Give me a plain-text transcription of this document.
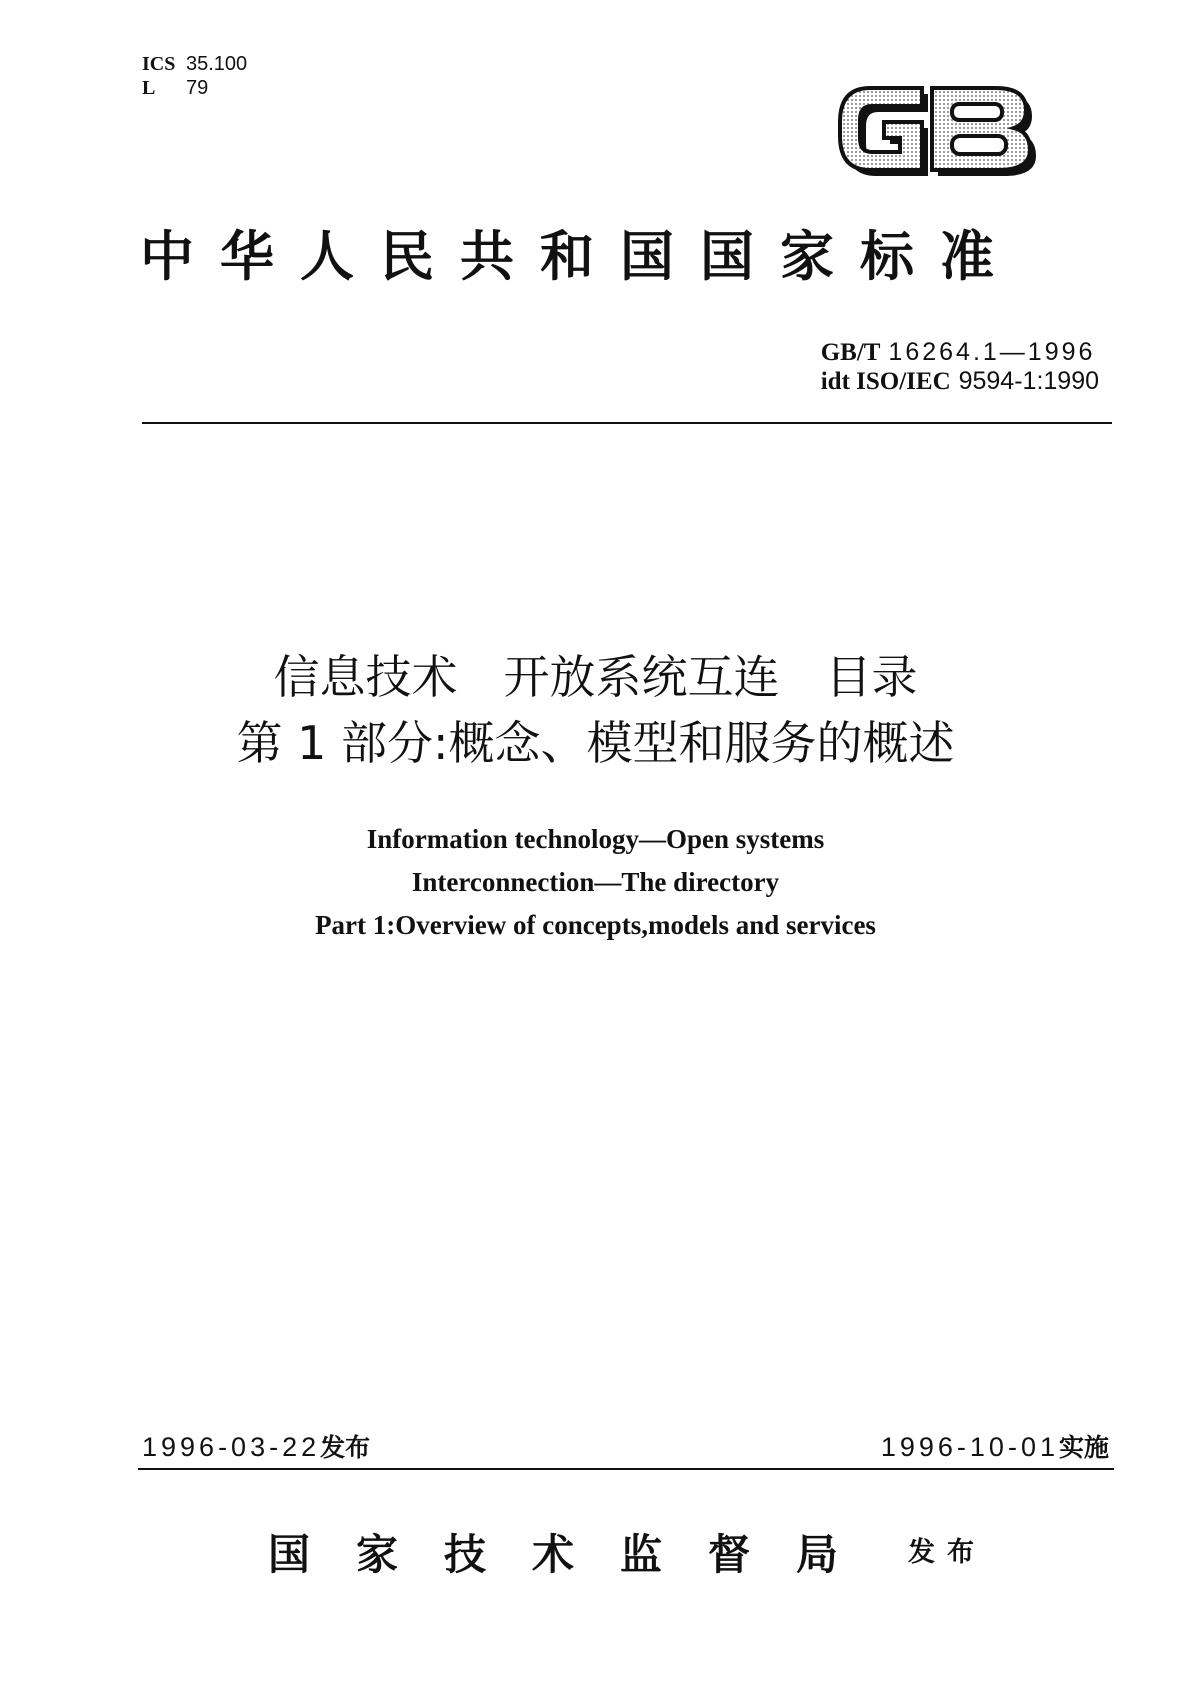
ICS 35.100
L 79
中华人民共和国国家标准
GB/T 16264.1—1996
idt ISO/IEC 9594-1:1990
信息技术　开放系统互连　目录
第 1 部分:概念、模型和服务的概述
Information technology—Open systems
Interconnection—The directory
Part 1:Overview of concepts,models and services
1996-03-22发布	1996-10-01实施
国家技术监督局 发布
